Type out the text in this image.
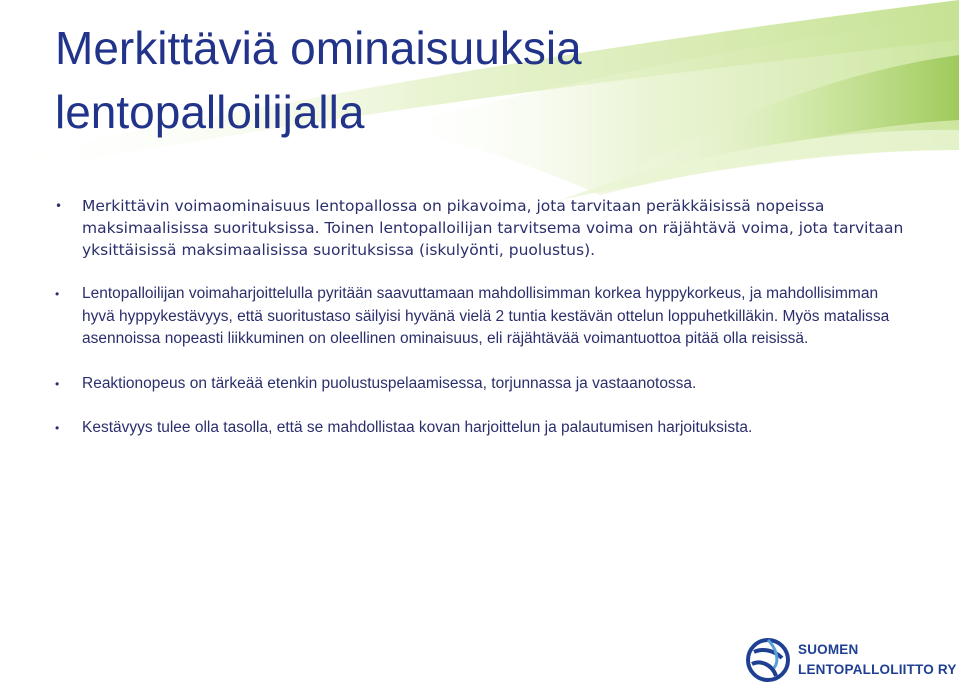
Merkittäviä ominaisuuksia
lentopalloilijalla
• Merkittävin voimaominaisuus lentopallossa on pikavoima, jota tarvitaan peräkkäisissä nopeissa maksimaalisissa suorituksissa. Toinen lentopalloilijan tarvitsema voima on räjähtävä voima, jota tarvitaan yksittäisissä maksimaalisissa suorituksissa (iskulyönti, puolustus).
• Lentopalloilijan voimaharjoittelulla pyritään saavuttamaan mahdollisimman korkea hyppykorkeus, ja mahdollisimman hyvä hyppykestävyys, että suoritustaso säilyisi hyvänä vielä 2 tuntia kestävän ottelun loppuhetkilläkin. Myös matalissa asennoissa nopeasti liikkuminen on oleellinen ominaisuus, eli räjähtävää voimantuottoa pitää olla reisissä.
• Reaktionopeus on tärkeää etenkin puolustuspelaamisessa, torjunnassa ja vastaanotossa.
• Kestävyys tulee olla tasolla, että se mahdollistaa kovan harjoittelun ja palautumisen harjoituksista.
SUOMEN
LENTOPALLOLIITTO RY
